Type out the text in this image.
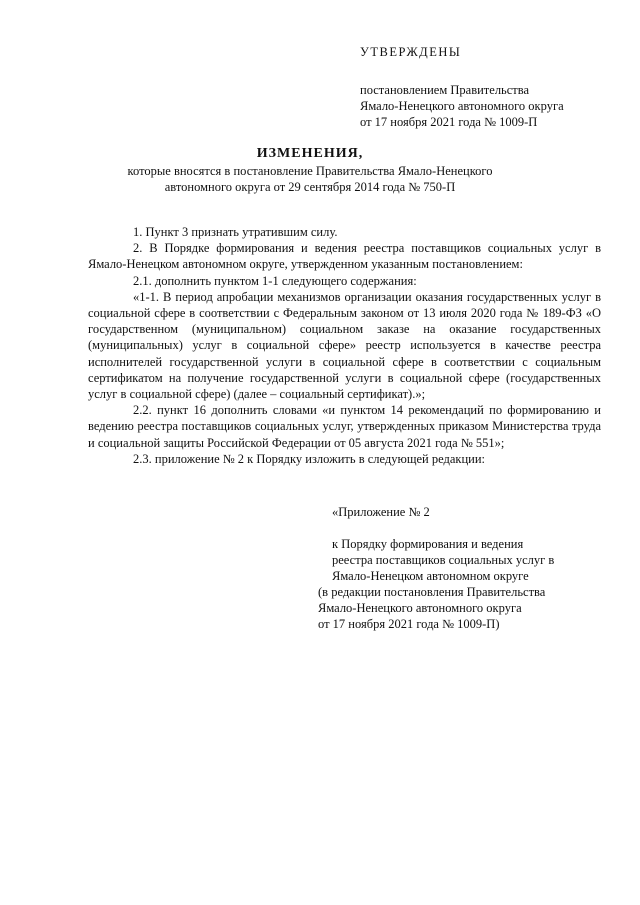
УТВЕРЖДЕНЫ
постановлением Правительства
Ямало-Ненецкого автономного округа
от 17 ноября 2021 года № 1009-П
ИЗМЕНЕНИЯ,
которые вносятся в постановление Правительства Ямало-Ненецкого
автономного округа от 29 сентября 2014 года № 750-П

1. Пункт 3 признать утратившим силу.

2. В Порядке формирования и ведения реестра поставщиков социальных услуг в Ямало-Ненецком автономном округе, утвержденном указанным постановлением:

2.1. дополнить пунктом 1-1 следующего содержания:

«1-1. В период апробации механизмов организации оказания государственных услуг в социальной сфере в соответствии с Федеральным законом от 13 июля 2020 года № 189-ФЗ «О государственном (муниципальном) социальном заказе на оказание государственных (муниципальных) услуг в социальной сфере» реестр используется в качестве реестра исполнителей государственной услуги в социальной сфере в соответствии с социальным сертификатом на получение государственной услуги в социальной сфере (государственных услуг в социальной сфере) (далее – социальный сертификат).»;

2.2. пункт 16 дополнить словами «и пунктом 14 рекомендаций по формированию и ведению реестра поставщиков социальных услуг, утвержденных приказом Министерства труда и социальной защиты Российской Федерации от 05 августа 2021 года № 551»;

2.3. приложение № 2 к Порядку изложить в следующей редакции:

«Приложение № 2
к Порядку формирования и ведения
реестра поставщиков социальных услуг в
Ямало-Ненецком автономном округе
(в редакции постановления Правительства
Ямало-Ненецкого автономного округа
от 17 ноября 2021 года № 1009-П)
